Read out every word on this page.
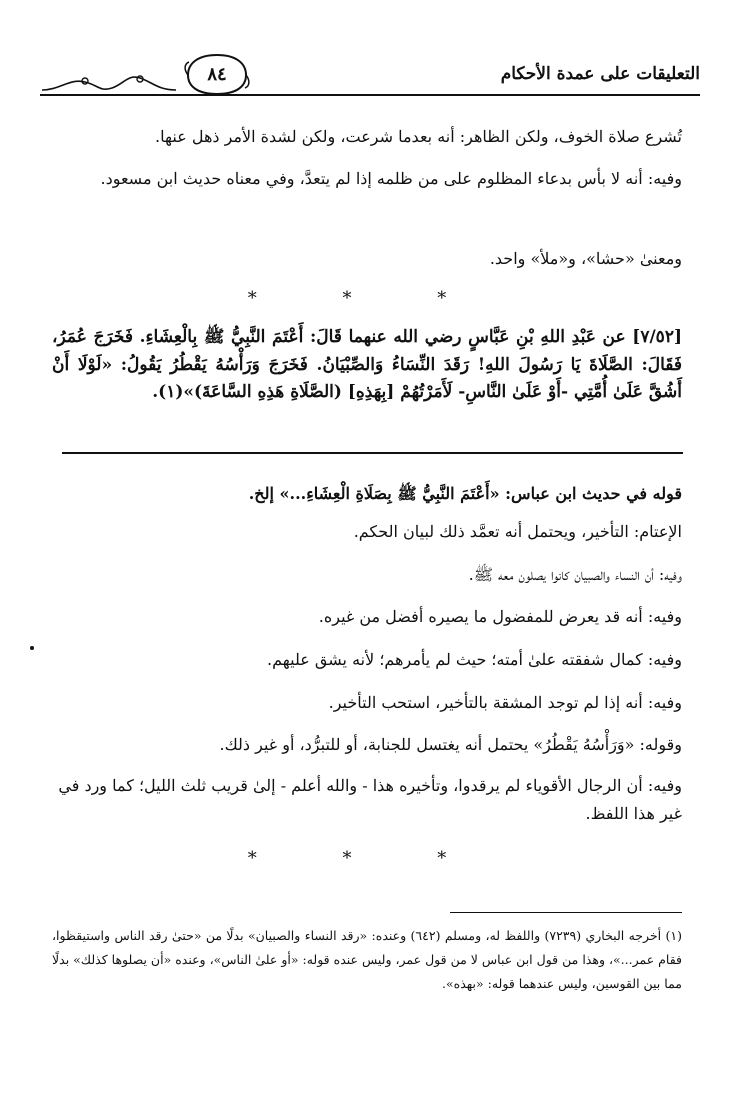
التعليقات على عمدة الأحكام
٨٤
تُشرع صلاة الخوف، ولكن الظاهر: أنه بعدما شرعت، ولكن لشدة الأمر ذهل عنها.
وفيه: أنه لا بأس بدعاء المظلوم على من ظلمه إذا لم يتعدَّ، وفي معناه حديث ابن مسعود.
ومعنىٰ «حشا»، و«ملأ» واحد.
* * *
[٧/٥٢] عن عَبْدِ اللهِ بْنِ عَبَّاسٍ رضي الله عنهما قَالَ: أَعْتَمَ النَّبِيُّ ﷺ بِالْعِشَاءِ. فَخَرَجَ عُمَرُ، فَقَالَ: الصَّلَاةَ يَا رَسُولَ اللهِ! رَقَدَ النِّسَاءُ وَالصِّبْيَانُ. فَخَرَجَ وَرَأْسُهُ يَقْطُرُ يَقُولُ: «لَوْلَا أَنْ أَشُقَّ عَلَىٰ أُمَّتِي -أَوْ عَلَىٰ النَّاسِ- لَأَمَرْتُهُمْ [بِهَذِهِ] (الصَّلَاةِ هَذِهِ السَّاعَةَ)»(١).
قوله في حديث ابن عباس: «أَعْتَمَ النَّبِيُّ ﷺ بِصَلَاةِ الْعِشَاءِ...» إلخ.
الإعتام: التأخير، ويحتمل أنه تعمَّد ذلك لبيان الحكم.
وفيه: أن النساء والصبيان كانوا يصلون معه ﷺ.
وفيه: أنه قد يعرض للمفضول ما يصيره أفضل من غيره.
وفيه: كمال شفقته علىٰ أمته؛ حيث لم يأمرهم؛ لأنه يشق عليهم.
وفيه: أنه إذا لم توجد المشقة بالتأخير، استحب التأخير.
وقوله: «وَرَأْسُهُ يَقْطُرُ» يحتمل أنه يغتسل للجنابة، أو للتبرُّد، أو غير ذلك.
وفيه: أن الرجال الأقوياء لم يرقدوا، وتأخيره هذا - والله أعلم - إلىٰ قريب ثلث الليل؛ كما ورد في غير هذا اللفظ.
* * *
(١) أخرجه البخاري (٧٢٣٩) واللفظ له، ومسلم (٦٤٢) وعنده: «رقد النساء والصبيان» بدلًا من «حتىٰ رقد الناس واستيقظوا، فقام عمر...»، وهذا من قول ابن عباس لا من قول عمر، وليس عنده قوله: «أو علىٰ الناس»، وعنده «أن يصلوها كذلك» بدلًا مما بين القوسين، وليس عندهما قوله: «بهذه».
